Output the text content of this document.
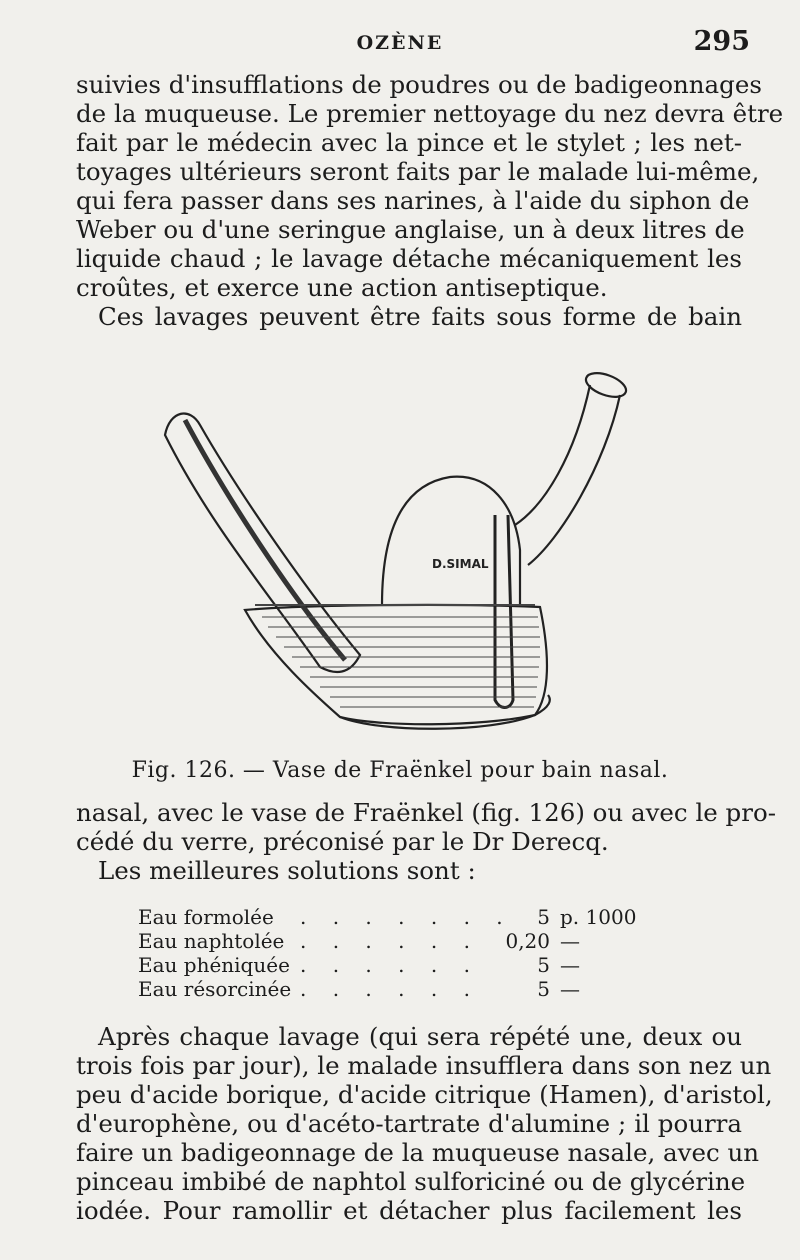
OZÈNE	295
suivies d'insufflations de poudres ou de badigeonnages
de la muqueuse. Le premier nettoyage du nez devra être
fait par le médecin avec la pince et le stylet ; les net-
toyages ultérieurs seront faits par le malade lui-même,
qui fera passer dans ses narines, à l'aide du siphon de
Weber ou d'une seringue anglaise, un à deux litres de
liquide chaud ; le lavage détache mécaniquement les
croûtes, et exerce une action antiseptique.
Ces lavages peuvent être faits sous forme de bain
D.SIMAL
Fig. 126. — Vase de Fraënkel pour bain nasal.
nasal, avec le vase de Fraënkel (fig. 126) ou avec le pro-
cédé du verre, préconisé par le Dr Derecq.
Les meilleures solutions sont :
Eau formolée	. . . . . . .	5 p. 1000
Eau naphtolée . . . . . .	0,20 —
Eau phéniquée . . . . . .	5 —
Eau résorcinée . . . . . .	5 —
Après chaque lavage (qui sera répété une, deux ou
trois fois par jour), le malade insufflera dans son nez un
peu d'acide borique, d'acide citrique (Hamen), d'aristol,
d'europhène, ou d'acéto-tartrate d'alumine ; il pourra
faire un badigeonnage de la muqueuse nasale, avec un
pinceau imbibé de naphtol sulforiciné ou de glycérine
iodée. Pour ramollir et détacher plus facilement les
